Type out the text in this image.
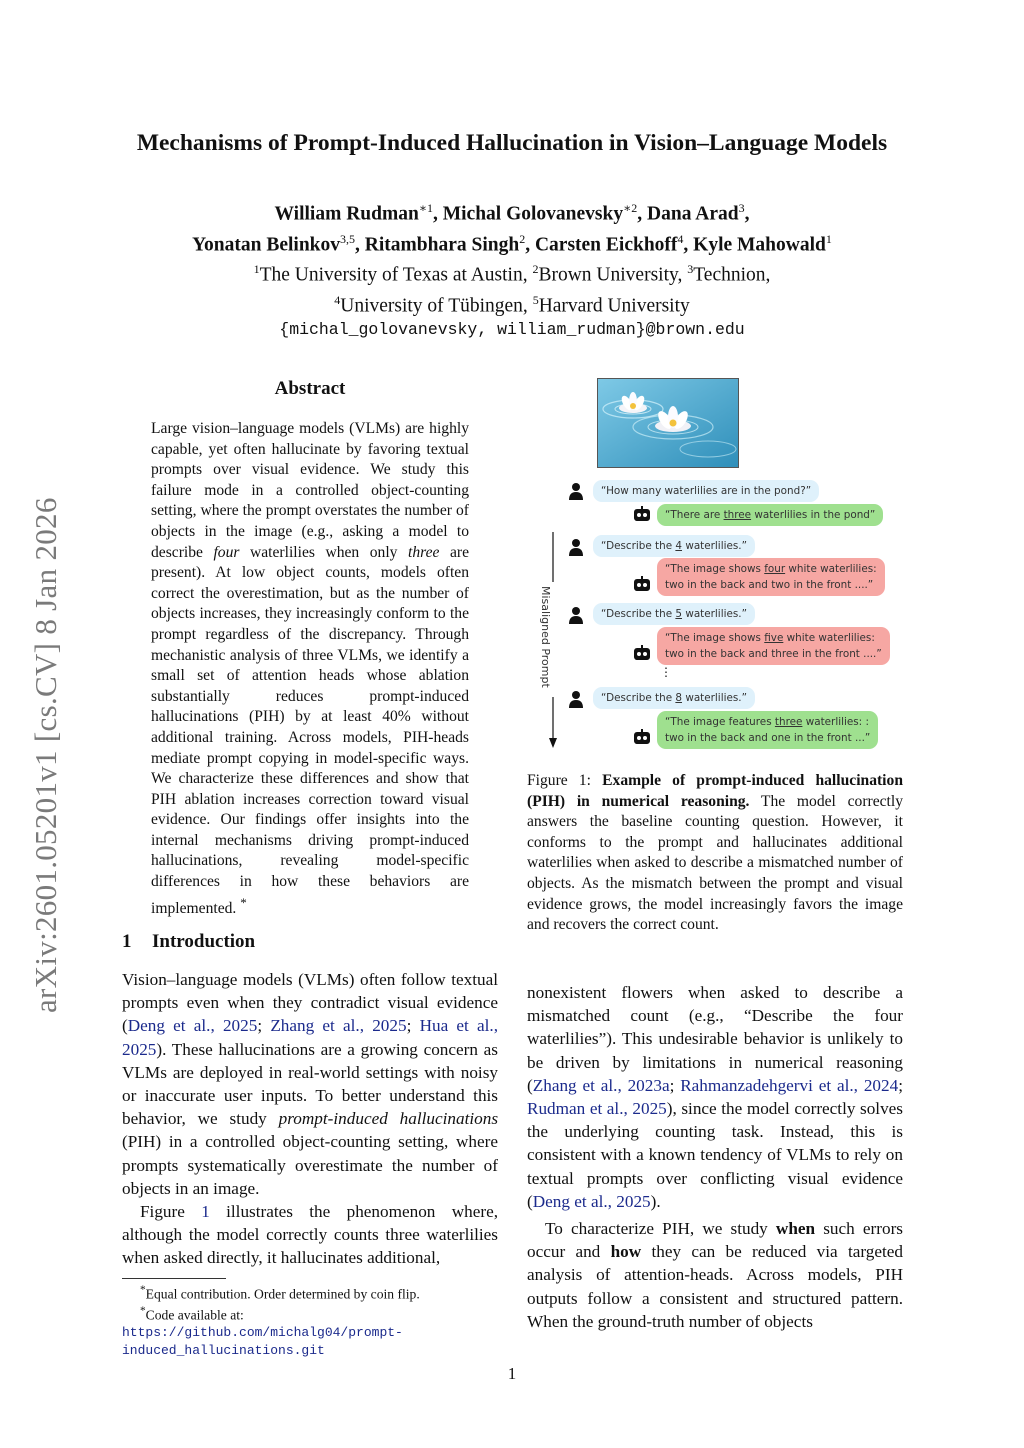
Mechanisms of Prompt-Induced Hallucination in Vision–Language Models
William Rudman$^{∗1}$, Michal Golovanevsky$^{∗2}$, Dana Arad$^3$,
Yonatan Belinkov$^{3,5}$, Ritambhara Singh$^2$, Carsten Eickhoff$^4$, Kyle Mahowald$^1$
$^1$The University of Texas at Austin, $^2$Brown University, $^3$Technion,
$^4$University of Tübingen, $^5$Harvard University
{michal_golovanevsky, william_rudman}@brown.edu
arXiv:2601.05201v1 [cs.CV] 8 Jan 2026
Abstract
Large vision–language models (VLMs) are highly capable, yet often hallucinate by favoring textual prompts over visual evidence. We study this failure mode in a controlled object-counting setting, where the prompt overstates the number of objects in the image (e.g., asking a model to describe four waterlilies when only three are present). At low object counts, models often correct the overestimation, but as the number of objects increases, they increasingly conform to the prompt regardless of the discrepancy. Through mechanistic analysis of three VLMs, we identify a small set of attention heads whose ablation substantially reduces prompt-induced hallucinations (PIH) by at least 40% without additional training. Across models, PIH-heads mediate prompt copying in model-specific ways. We characterize these differences and show that PIH ablation increases correction toward visual evidence. Our findings offer insights into the internal mechanisms driving prompt-induced hallucinations, revealing model-specific differences in how these behaviors are implemented. *
1 Introduction

Vision–language models (VLMs) often follow textual prompts even when they contradict visual evidence (Deng et al., 2025; Zhang et al., 2025; Hua et al., 2025). These hallucinations are a growing concern as VLMs are deployed in real-world settings with noisy or inaccurate user inputs. To better understand this behavior, we study prompt-induced hallucinations (PIH) in a controlled object-counting setting, where prompts systematically overestimate the number of objects in an image.

Figure 1 illustrates the phenomenon where, although the model correctly counts three waterlilies when asked directly, it hallucinates additional,

*Equal contribution. Order determined by coin flip.

*Code available at: https://github.com/michalg04/prompt-induced_hallucinations.git

“How many waterlilies are in the pond?”
“There are three waterlilies in the pond”
“Describe the 4 waterlilies.”
“The image shows four white waterlilies:
two in the back and two in the front ....”
“Describe the 5 waterlilies.”
“The image shows five white waterlilies:
two in the back and three in the front ....”
⋮
“Describe the 8 waterlilies.”
“The image features three waterlilies: :
two in the back and one in the front ...”
Misaligned Prompt
Figure 1: Example of prompt-induced hallucination (PIH) in numerical reasoning. The model correctly answers the baseline counting question. However, it conforms to the prompt and hallucinates additional waterlilies when asked to describe a mismatched number of objects. As the mismatch between the prompt and visual evidence grows, the model increasingly favors the image and recovers the correct count.

nonexistent flowers when asked to describe a mismatched count (e.g., “Describe the four waterlilies”). This undesirable behavior is unlikely to be driven by limitations in numerical reasoning (Zhang et al., 2023a; Rahmanzadehgervi et al., 2024; Rudman et al., 2025), since the model correctly solves the underlying counting task. Instead, this is consistent with a known tendency of VLMs to rely on textual prompts over conflicting visual evidence (Deng et al., 2025).

To characterize PIH, we study when such errors occur and how they can be reduced via targeted analysis of attention-heads. Across models, PIH outputs follow a consistent and structured pattern. When the ground-truth number of objects

1
